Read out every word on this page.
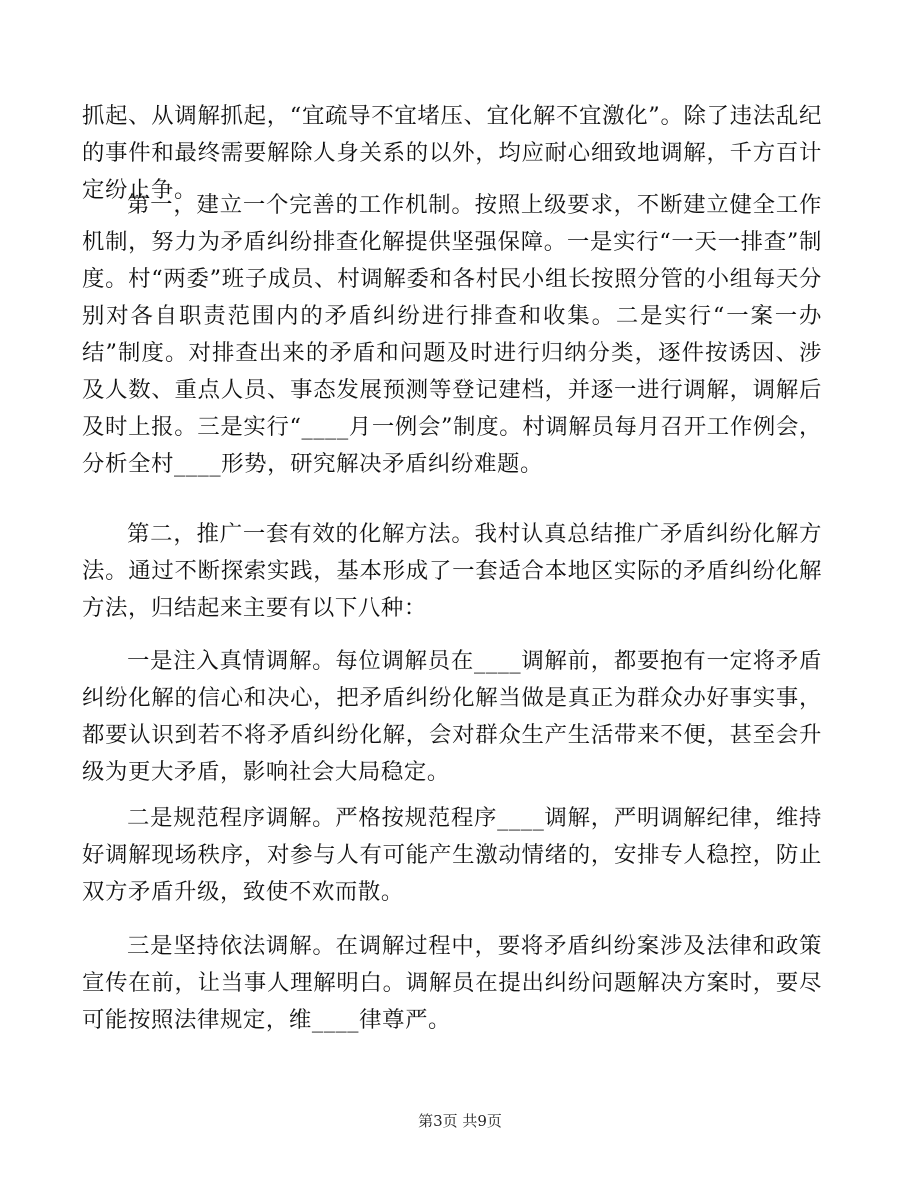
抓起、从调解抓起，“宜疏导不宜堵压、宜化解不宜激化”。除了违法乱纪的事件和最终需要解除人身关系的以外，均应耐心细致地调解，千方百计定纷止争。

第一，建立一个完善的工作机制。按照上级要求，不断建立健全工作机制，努力为矛盾纠纷排查化解提供坚强保障。一是实行“一天一排查”制度。村“两委”班子成员、村调解委和各村民小组长按照分管的小组每天分别对各自职责范围内的矛盾纠纷进行排查和收集。二是实行“一案一办结”制度。对排查出来的矛盾和问题及时进行归纳分类，逐件按诱因、涉及人数、重点人员、事态发展预测等登记建档，并逐一进行调解，调解后及时上报。三是实行“____月一例会”制度。村调解员每月召开工作例会，分析全村____形势，研究解决矛盾纠纷难题。

第二，推广一套有效的化解方法。我村认真总结推广矛盾纠纷化解方法。通过不断探索实践，基本形成了一套适合本地区实际的矛盾纠纷化解方法，归结起来主要有以下八种：

一是注入真情调解。每位调解员在____调解前，都要抱有一定将矛盾纠纷化解的信心和决心，把矛盾纠纷化解当做是真正为群众办好事实事，都要认识到若不将矛盾纠纷化解，会对群众生产生活带来不便，甚至会升级为更大矛盾，影响社会大局稳定。

二是规范程序调解。严格按规范程序____调解，严明调解纪律，维持好调解现场秩序，对参与人有可能产生激动情绪的，安排专人稳控，防止双方矛盾升级，致使不欢而散。

三是坚持依法调解。在调解过程中，要将矛盾纠纷案涉及法律和政策宣传在前，让当事人理解明白。调解员在提出纠纷问题解决方案时，要尽可能按照法律规定，维____律尊严。

第3页 共9页
